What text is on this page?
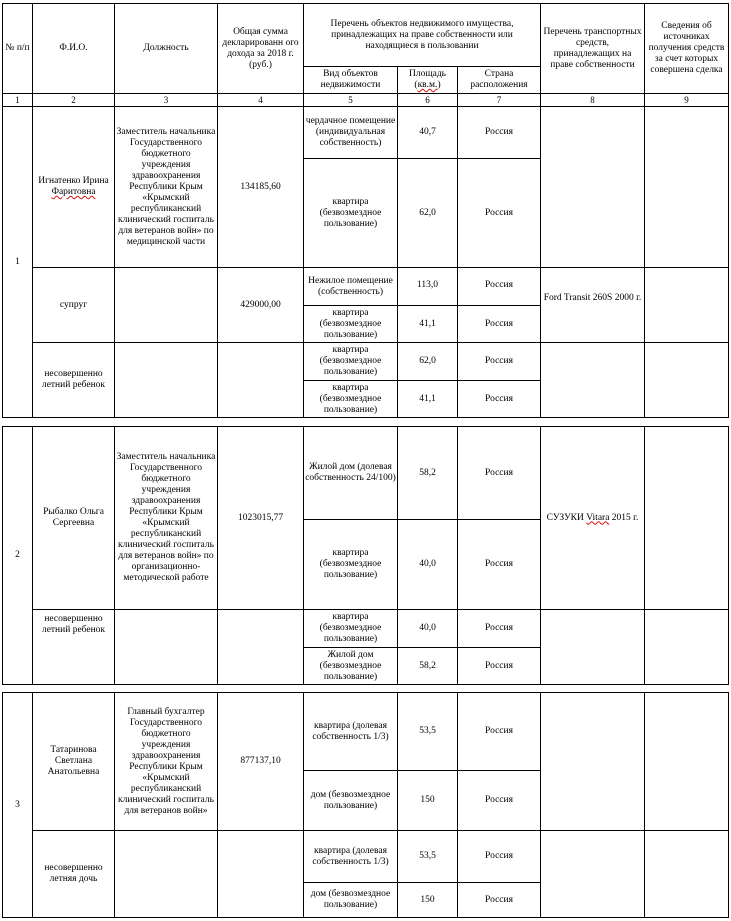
№ п/п	Ф.И.О.	Должность	Общая сумма декларированн ого дохода за 2018 г. (руб.)	Перечень объектов недвижимого имущества, принадлежащих на праве собственности или находящиеся в пользовании			Перечень транспортных средств, принадлежащих на праве собственности	Сведения об источниках получения средств за счет которых совершена сделка
				Вид объектов недвижимости	Площадь (кв.м.)	Страна расположения		
1	2	3	4	5	6	7	8	9
1	Игнатенко Ирина Фаритовна	Заместитель начальника Государственного бюджетного учреждения здравоохранения Республики Крым «Крымский республиканский клинический госпиталь для ветеранов войн» по медицинской части	134185,60	чердачное помещение (индивидуальная собственность)	40,7	Россия		
				квартира (безвозмездное пользование)	62,0	Россия		
	супруг		429000,00	Нежилое помещение (собственность)	113,0	Россия	Ford Transit 260S 2000 г.	
				квартира (безвозмездное пользование)	41,1	Россия		
	несовершенно летний ребенок			квартира (безвозмездное пользование)	62,0	Россия		
				квартира (безвозмездное пользование)	41,1	Россия		
2	Рыбалко Ольга Сергеевна	Заместитель начальника Государственного бюджетного учреждения здравоохранения Республики Крым «Крымский республиканский клинический госпиталь для ветеранов войн» по организационно-методической работе	1023015,77	Жилой дом (долевая собственность 24/100)	58,2	Россия	СУЗУКИ Vitara 2015 г.	
				квартира (безвозмездное пользование)	40,0	Россия		
	несовершенно летний ребенок			квартира (безвозмездное пользование)	40,0	Россия		
				Жилой дом (безвозмездное пользование)	58,2	Россия		
3	Татаринова Светлана Анатольевна	Главный бухгалтер Государственного бюджетного учреждения здравоохранения Республики Крым «Крымский республиканский клинический госпиталь для ветеранов войн»	877137,10	квартира (долевая собственность 1/3)	53,5	Россия		
				дом (безвозмездное пользование)	150	Россия		
	несовершенно летняя дочь			квартира (долевая собственность 1/3)	53,5	Россия		
				дом (безвозмездное пользование)	150	Россия		
